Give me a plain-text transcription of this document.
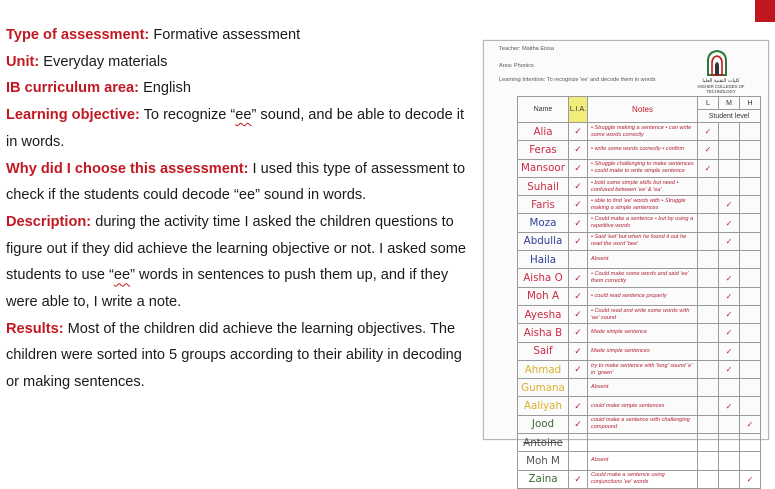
Type of assessment: Formative assessment

Unit: Everyday materials

IB curriculum area: English

Learning objective: To recognize “ee” sound, and be able to decode it in words.

Why did I choose this assessment: I used this type of assessment to check if the students could decode “ee” sound in words.

Description: during the activity time I asked the children questions to figure out if they did achieve the learning objective or not. I asked some students to use “ee” words in sentences to push them up, and if they were able to, I write a note.

Results: Most of the children did achieve the learning objectives. The children were sorted into 5 groups according to their ability in decoding or making sentences.

Teacher: Maitha Eissa
Area: Phonics
Learning Intention: To recognize 'ee' and decode them in words	كليات التقنية العليا
HIGHER COLLEGES OF TECHNOLOGY
Name	L.I.A.	Notes	L	M	H
			Student level		
Alia	✓	• Struggle making a sentence • can write some words correctly	✓		
Feras	✓	• write some words correctly • confirm	✓		
Mansoor	✓	• Struggle challenging to make sentences • could make to write simple sentence	✓		
Suhail	✓	• bold some simple skills but need • confused between 'ee' & 'ea'			
Faris	✓	• able to find 'ee' words with • Struggle making a simple sentences		✓	
Moza	✓	• Could make a sentence • but by using a repetitive words		✓	
Abdulla	✓	• Said 'eet' but when he found it out he read the word 'bee'		✓	
Haila		Absent			
Aisha O	✓	• Could make some words and said 'ee' them correctly		✓	
Moh A	✓	• could read sentence properly		✓	
Ayesha	✓	• Could read and write some words with 'ee' sound		✓	
Aisha B	✓	Made simple sentence		✓	
Saif	✓	Made simple sentences		✓	
Ahmad	✓	try to make sentence with 'long' sound 'e' in 'green'		✓	
Gumana		Absent			
Aaliyah	✓	could make simple sentences		✓	
Jood	✓	could make a sentence with challenging compound			✓
Antoine					
Moh M		Absent			
Zaina	✓	Could make a sentence using conjunctions 'ee' words			✓
